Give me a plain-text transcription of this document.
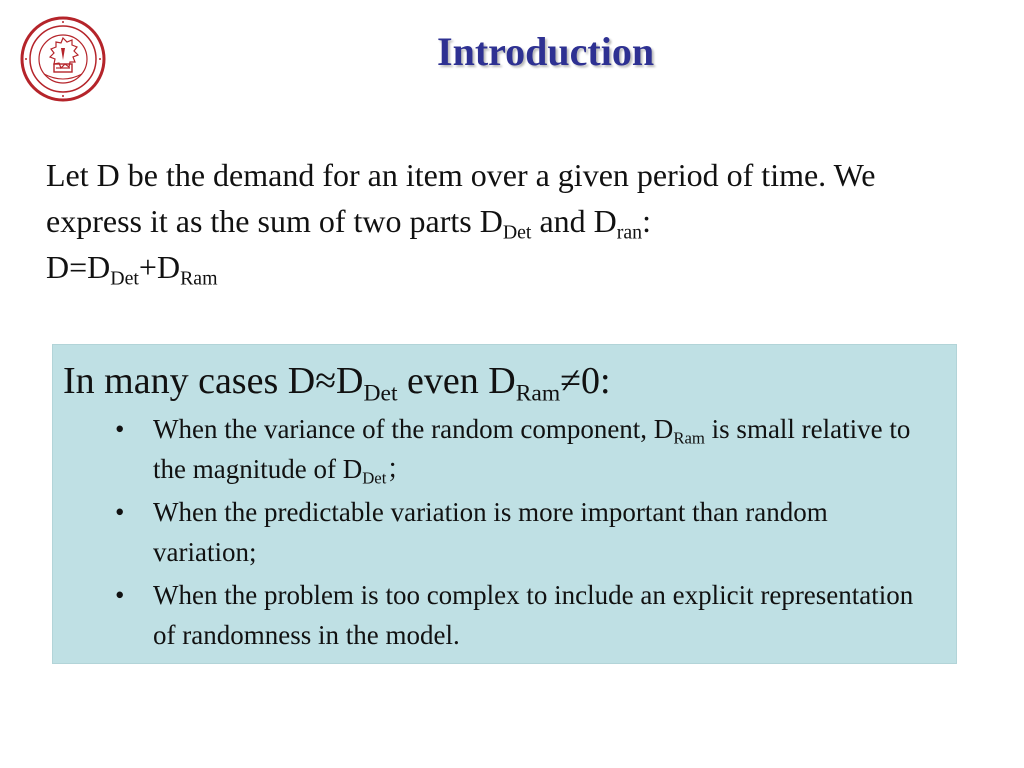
Introduction

Let D be the demand for an item over a given period of time. We express it as the sum of two parts $D_{Det}$ and $D_{ran}$:

$D=D_{Det}+D_{Ram}$

In many cases $D\approx D_{Det}$ even $D_{Ram}\ne 0$:
• When the variance of the random component, $D_{Ram}$ is small relative to the magnitude of $D_{Det}$；
• When the predictable variation is more important than random variation;
• When the problem is too complex to include an explicit representation of randomness in the model.
